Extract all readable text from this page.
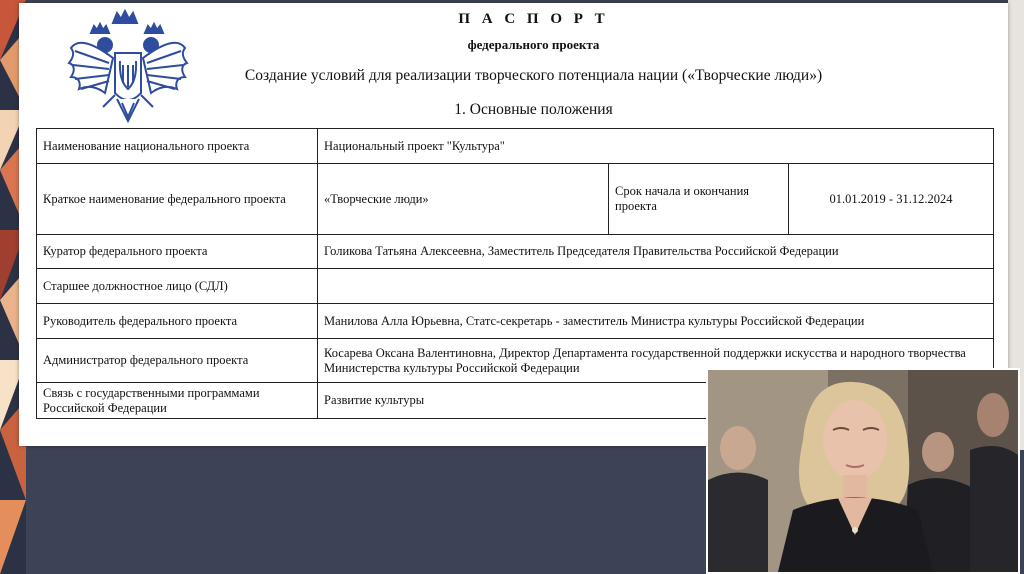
П А С П О Р Т
федерального проекта
Создание условий для реализации творческого потенциала нации («Творческие люди»)
1. Основные положения
Наименование национального проекта	Национальный проект "Культура"		
Краткое наименование федерального проекта	«Творческие люди»	Срок начала и окончания проекта	01.01.2019 - 31.12.2024
Куратор федерального проекта	Голикова Татьяна Алексеевна, Заместитель Председателя Правительства Российской Федерации		
Старшее должностное лицо (СДЛ)			
Руководитель федерального проекта	Манилова Алла Юрьевна, Статс-секретарь - заместитель Министра культуры Российской Федерации		
Администратор федерального проекта	Косарева Оксана Валентиновна, Директор Департамента государственной поддержки искусства и народного творчества Министерства культуры Российской Федерации		
Связь с государственными программами Российской Федерации	Развитие культуры		
